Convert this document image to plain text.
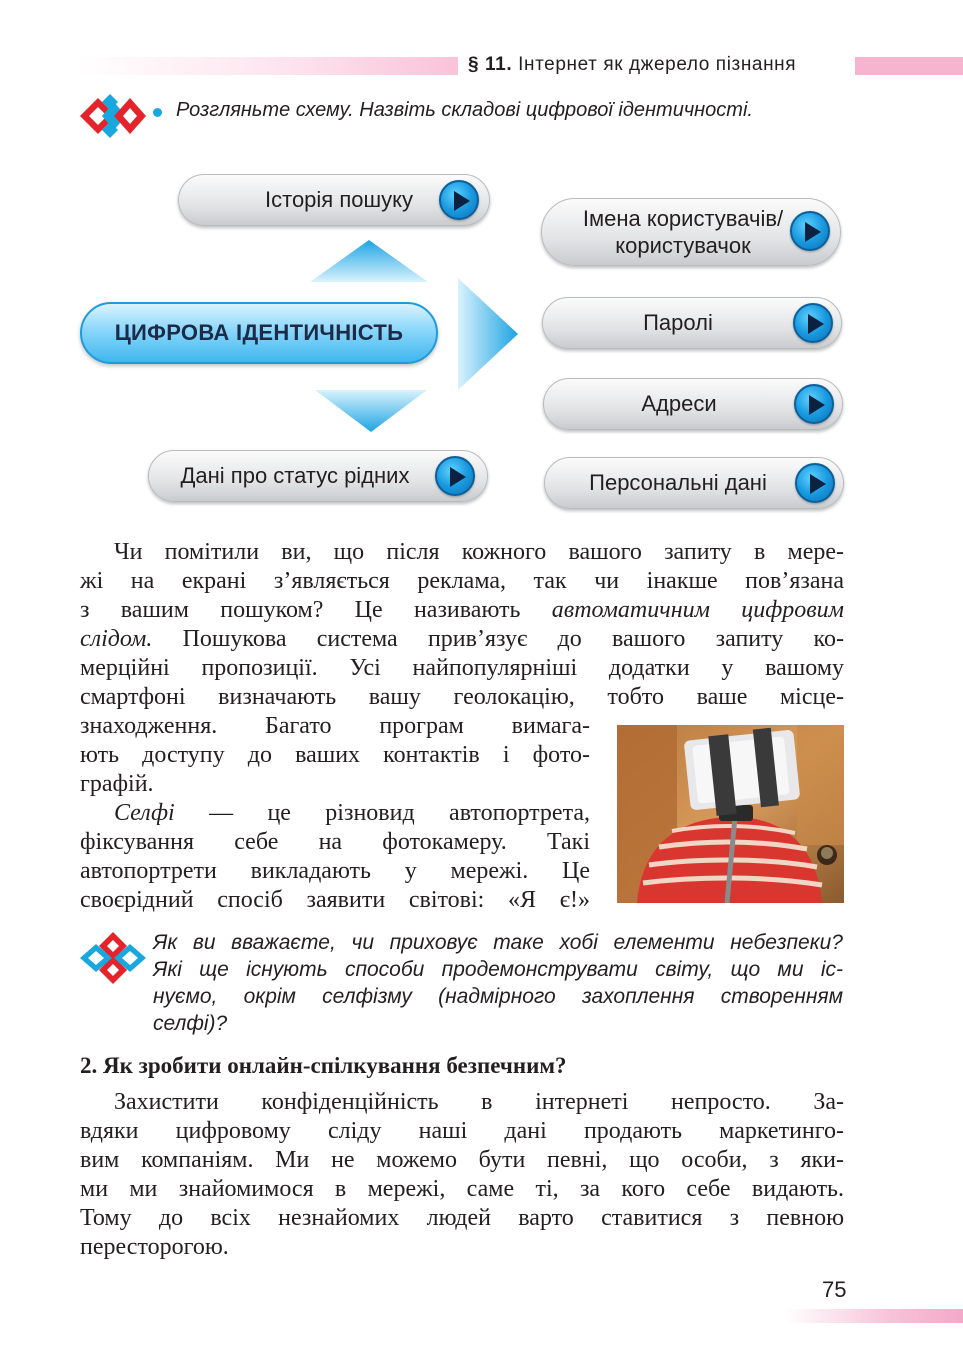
§ 11. Інтернет як джерело пізнання
Розгляньте схему. Назвіть складові цифрової ідентичності.
Історія пошуку
ЦИФРОВА ІДЕНТИЧНІСТЬ
Дані про статус рідних
Імена користувачів/
користувачок
Паролі
Адреси
Персональні дані
Чи помітили ви, що після кожного вашого запиту в мере-
жі на екрані з’являється реклама, так чи інакше пов’язана
з вашим пошуком? Це називають автоматичним цифровим
слідом. Пошукова система прив’язує до вашого запиту ко-
мерційні пропозиції. Усі найпопулярніші додатки у вашому
смартфоні визначають вашу геолокацію, тобто ваше місце-
знаходження. Багато програм вимага-
ють доступу до ваших контактів і фото-
графій.
Селфі — це різновид автопортрета,
фіксування себе на фотокамеру. Такі
автопортрети викладають у мережі. Це
своєрідний спосіб заявити світові: «Я є!»
Як ви вважаєте, чи приховує таке хобі елементи небезпеки?
Які ще існують способи продемонструвати світу, що ми іс-
нуємо, окрім селфізму (надмірного захоплення створенням
селфі)?
2. Як зробити онлайн-спілкування безпечним?
Захистити конфіденційність в інтернеті непросто. За-
вдяки цифровому сліду наші дані продають маркетинго-
вим компаніям. Ми не можемо бути певні, що особи, з яки-
ми ми знайомимося в мережі, саме ті, за кого себе видають.
Тому до всіх незнайомих людей варто ставитися з певною
пересторогою.
75
